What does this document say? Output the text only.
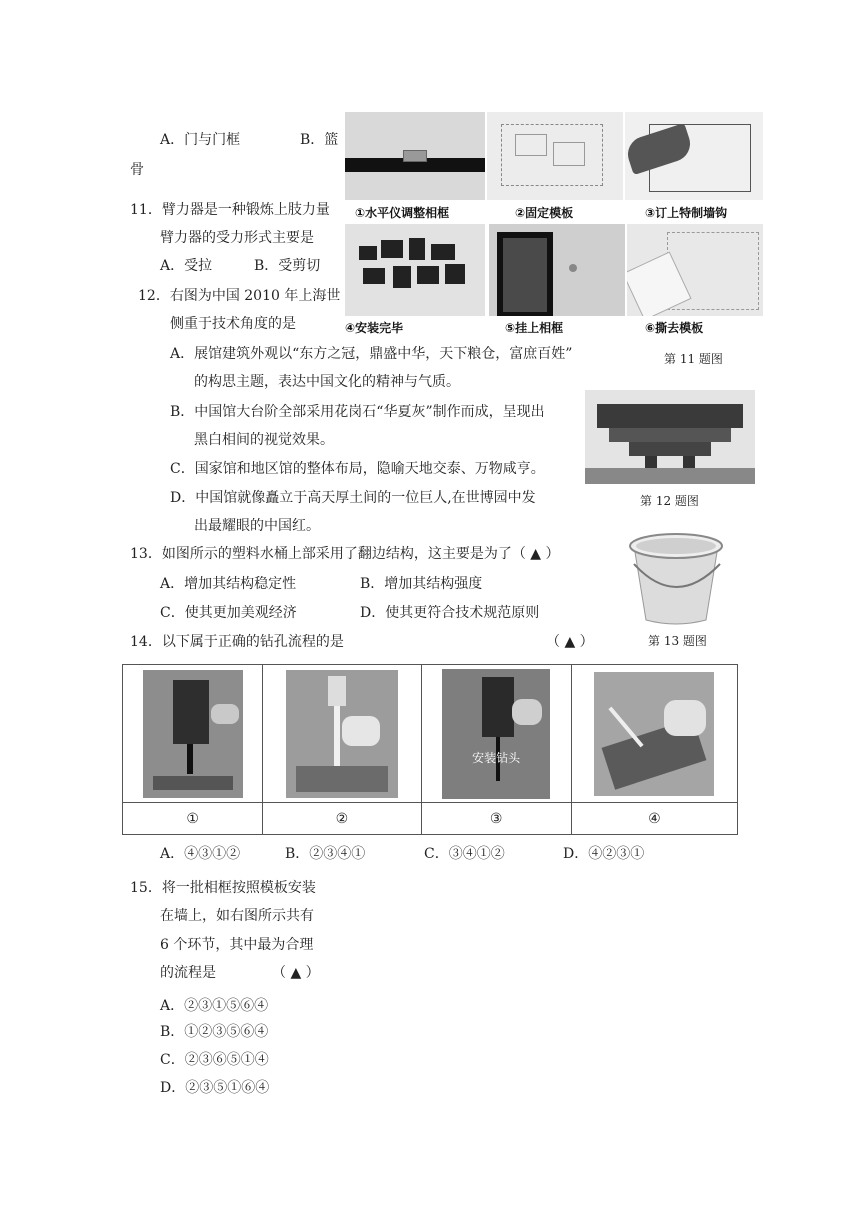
A．门与门框	B．篮
骨
11．臂力器是一种锻炼上肢力量
臂力器的受力形式主要是
A．受拉	B．受剪切
①水平仪调整相框	②固定模板	③订上特制墙钩
④安装完毕	⑤挂上相框	⑥撕去模板
第 11 题图
12．右图为中国 2010 年上海世
侧重于技术角度的是
A．展馆建筑外观以“东方之冠，鼎盛中华，天下粮仓，富庶百姓”
的构思主题，表达中国文化的精神与气质。
B．中国馆大台阶全部采用花岗石“华夏灰”制作而成，呈现出
黑白相间的视觉效果。
C．国家馆和地区馆的整体布局，隐喻天地交泰、万物咸亨。
D．中国馆就像矗立于高天厚土间的一位巨人,在世博园中发
出最耀眼的中国红。
第 12 题图
13．如图所示的塑料水桶上部采用了翻边结构，这主要是为了（ ▲ ）
A．增加其结构稳定性	B．增加其结构强度
C．使其更加美观经济	D．使其更符合技术规范原则
第 13 题图
14．以下属于正确的钻孔流程的是	（ ▲ ）

		安装钻头	

①	②	③	④
A．④③①②	B．②③④①	C．③④①②	D．④②③①
15．将一批相框按照模板安装
在墙上，如右图所示共有
6 个环节，其中最为合理
的流程是	（ ▲ ）
A．②③①⑤⑥④
B．①②③⑤⑥④
C．②③⑥⑤①④
D．②③⑤①⑥④
